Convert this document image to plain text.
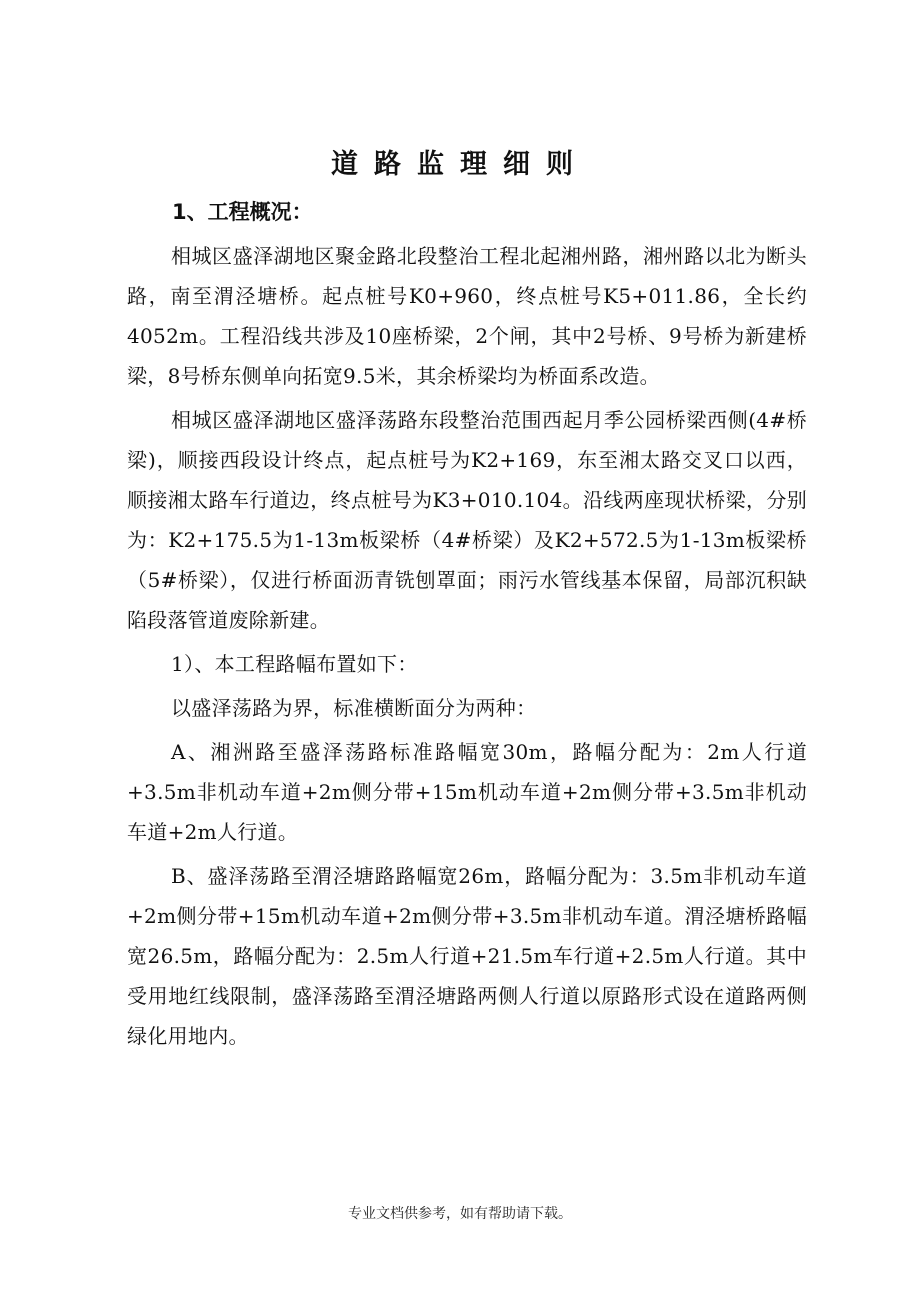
道路监理细则
1、工程概况：

相城区盛泽湖地区聚金路北段整治工程北起湘州路，湘州路以北为断头路，南至渭泾塘桥。起点桩号K0+960，终点桩号K5+011.86，全长约4052m。工程沿线共涉及10座桥梁，2个闸，其中2号桥、9号桥为新建桥梁，8号桥东侧单向拓宽9.5米，其余桥梁均为桥面系改造。

相城区盛泽湖地区盛泽荡路东段整治范围西起月季公园桥梁西侧(4#桥梁)，顺接西段设计终点，起点桩号为K2+169，东至湘太路交叉口以西，顺接湘太路车行道边，终点桩号为K3+010.104。沿线两座现状桥梁，分别为：K2+175.5为1-13m板梁桥（4#桥梁）及K2+572.5为1-13m板梁桥（5#桥梁），仅进行桥面沥青铣刨罩面；雨污水管线基本保留，局部沉积缺陷段落管道废除新建。

1）、本工程路幅布置如下：

以盛泽荡路为界，标准横断面分为两种：

A、湘洲路至盛泽荡路标准路幅宽30m，路幅分配为：2m人行道+3.5m非机动车道+2m侧分带+15m机动车道+2m侧分带+3.5m非机动车道+2m人行道。

B、盛泽荡路至渭泾塘路路幅宽26m，路幅分配为：3.5m非机动车道+2m侧分带+15m机动车道+2m侧分带+3.5m非机动车道。渭泾塘桥路幅宽26.5m，路幅分配为：2.5m人行道+21.5m车行道+2.5m人行道。其中受用地红线限制，盛泽荡路至渭泾塘路两侧人行道以原路形式设在道路两侧绿化用地内。

专业文档供参考，如有帮助请下载。
